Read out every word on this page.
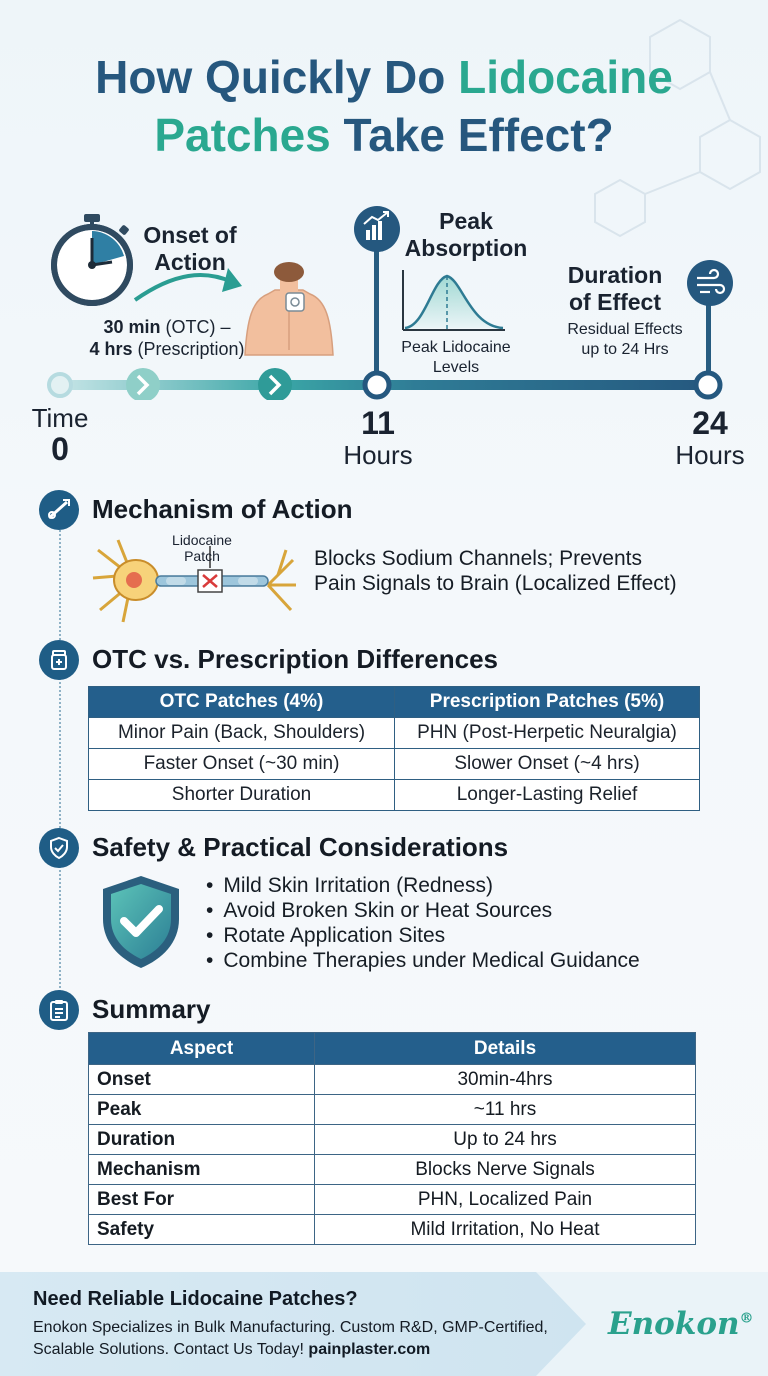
How Quickly Do Lidocaine
Patches Take Effect?
Onset of
Action
30 min (OTC) –
4 hrs (Prescription)
Peak
Absorption
Peak Lidocaine
Levels
Duration
of Effect
Residual Effects
up to 24 Hrs
Time
0
11
Hours
24
Hours
Mechanism of Action
Lidocaine
Patch	Blocks Sodium Channels; Prevents
Pain Signals to Brain (Localized Effect)
OTC vs. Prescription Differences
OTC Patches (4%)	Prescription Patches (5%)
Minor Pain (Back, Shoulders)	PHN (Post-Herpetic Neuralgia)
Faster Onset (~30 min)	Slower Onset (~4 hrs)
Shorter Duration	Longer-Lasting Relief
Safety & Practical Considerations
• Mild Skin Irritation (Redness)
• Avoid Broken Skin or Heat Sources
• Rotate Application Sites
• Combine Therapies under Medical Guidance
Summary
Aspect	Details
Onset	30min-4hrs
Peak	~11 hrs
Duration	Up to 24 hrs
Mechanism	Blocks Nerve Signals
Best For	PHN, Localized Pain
Safety	Mild Irritation, No Heat
Need Reliable Lidocaine Patches?
Enokon Specializes in Bulk Manufacturing. Custom R&D, GMP-Certified,
Scalable Solutions. Contact Us Today! painplaster.com
Enokon®
